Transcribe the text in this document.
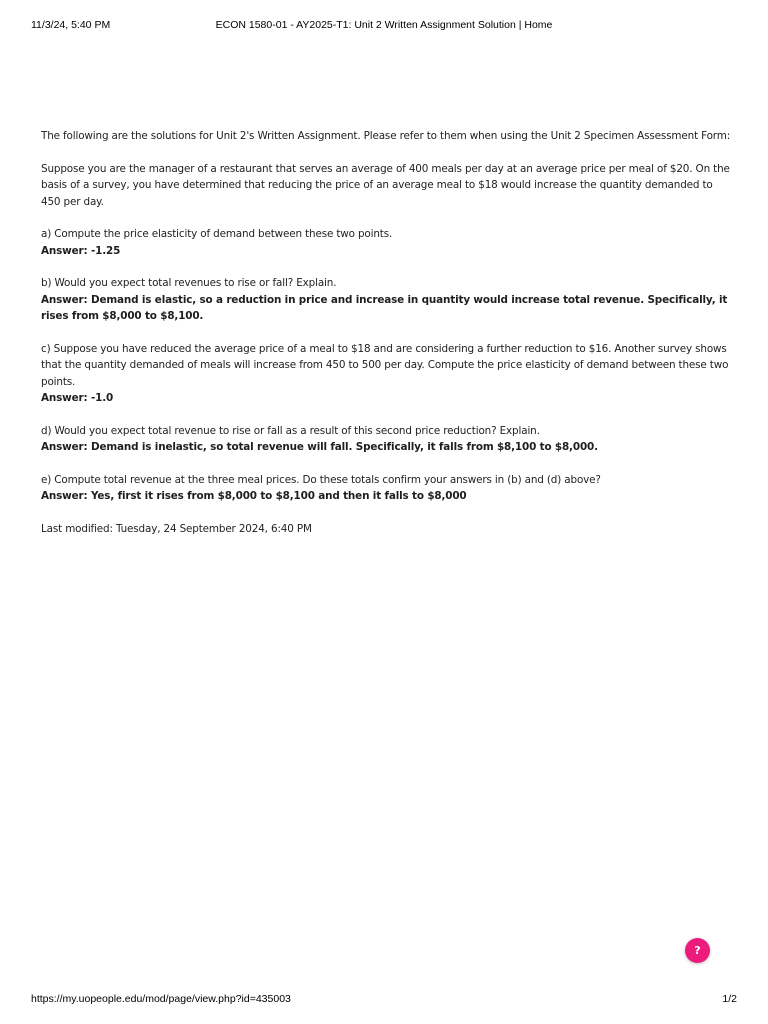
11/3/24, 5:40 PM	ECON 1580-01 - AY2025-T1: Unit 2 Written Assignment Solution | Home

The following are the solutions for Unit 2's Written Assignment. Please refer to them when using the Unit 2 Specimen Assessment Form:

Suppose you are the manager of a restaurant that serves an average of 400 meals per day at an average price per meal of $20. On the basis of a survey, you have determined that reducing the price of an average meal to $18 would increase the quantity demanded to 450 per day.

a) Compute the price elasticity of demand between these two points.
Answer: -1.25

b) Would you expect total revenues to rise or fall? Explain.
Answer: Demand is elastic, so a reduction in price and increase in quantity would increase total revenue. Specifically, it rises from $8,000 to $8,100.

c) Suppose you have reduced the average price of a meal to $18 and are considering a further reduction to $16. Another survey shows that the quantity demanded of meals will increase from 450 to 500 per day. Compute the price elasticity of demand between these two points.
Answer: -1.0

d) Would you expect total revenue to rise or fall as a result of this second price reduction? Explain.
Answer: Demand is inelastic, so total revenue will fall. Specifically, it falls from $8,100 to $8,000.

e) Compute total revenue at the three meal prices. Do these totals confirm your answers in (b) and (d) above?
Answer: Yes, first it rises from $8,000 to $8,100 and then it falls to $8,000

Last modified: Tuesday, 24 September 2024, 6:40 PM

?
https://my.uopeople.edu/mod/page/view.php?id=435003	1/2
